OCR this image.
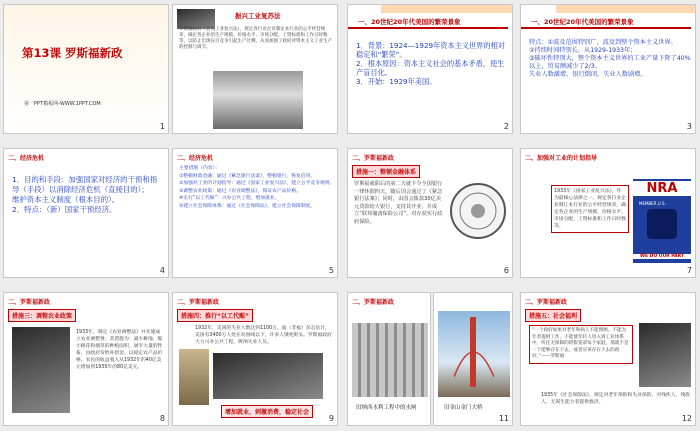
第13课 罗斯福新政
第一PPT模板网-WWW.1PPT.COM
1
振兴工业复苏法
罗斯福政府（首先工业复兴法），规定各行业企业制定本行业的公平经营规章，确定各企业的生产规模、价格水平、市场分配、工资标准和工作日时数等，以防止出现盲目竞争引起生产过剩，从而加强了政府对资本主义工业生产的控制与调节。
一、20世纪20年代美国的繁荣景象
1．背景：1924—1929年资本主义世界的相对稳定和“繁荣”。
2．根本原因：资本主义社会的基本矛盾，使生产盲目化。
3．开始：1929年美国。
2
一、20世纪20年代美国的繁荣景象
特点：①波及范围特别广，波及到整个资本主义世界。
②持续时间特别长，从1929-1933年；
③破坏性特别大，整个资本主义世界的工业产量下降了40%以上，贸易额减少了2/3。
失业人数激增，银行倒闭，失业人数剧增。
3
二、经济危机
1．目的和手段：加强国家对经济的干预和指导（手段）以消除经济危机（直接目的）；
维护资本主义制度（根本目的）。
2．特点：（新）国家干预经济。
4
二、经济危机
主要措施（内容）：
①整顿财政金融：通过《紧急银行法案》，整顿银行，恢复信用。
②加强对工业的计划指导：通过《国家工业复兴法》，建立公平竞争规则。
③调整农业政策：通过《农业调整法》，保证农产品价格。
④实行“以工代赈”：兴办公共工程，增加就业。
⑤建立社会保障体系：通过《社会保障法》，建立社会保障制度。
5
二、罗斯福新政
措施一：整顿金融体系
罗斯福就职后的第二天就下令全国银行一律休假四天，随后国会通过了《紧急银行法案》；同时，由国会拨款30亿美元贷款给大银行，支持其开业，并成立“联邦储备保险公司”，对存款实行政府保险。
6
二、加强对工业的计划指导
1933年《国家工业复兴法》，作为最核心法律之一，规定各行业企业制订本行业的公平经营规章，确定各企业的生产规模、价格水平、市场分配、工资标准和工作日时数等。
NRA
MEMBER U.S.
WE DO OUR PART
7
二、罗斯福新政
措施三：调整农业政策
1933年，制定《农业调整法》并实施成立农业调整署，其措施为：减少耕地，缩小棉花和烟草的种植面积，屠宰大量的牲畜，由政府发给补偿金，以稳定农产品价格。农民的收益收入从1932年的40亿美元增加到1935年的80亿美元。
8
二、罗斯福新政
措施四：推行“以工代赈”
1932年，美国的失业人数达到1100万。面（非福）杂志估计，美国有3400万人处在贫困线以下，许多人饿死街头。罗斯福政府大力兴办公共工程，吸纳失业人员。
增加就业，刺激消费，稳定社会
9
二、罗斯福新政
田纳西水利工程中的水闸	旧金山金门大桥
11
二、罗斯福新政
措施五：社会福利
“一个政府如果对老年和病人不能照顾，不能为壮者提供工作，不能使年轻人进入到工业体系中，听任无保障的阴影笼罩每个家庭，那就不是一个能够存在下去，或者应该存在下去的政府。”——罗斯福
1935年《社会保障法》，规定对老年保险和失业保险，对残疾人、残废人、无谋生能力者提供救济。
12
